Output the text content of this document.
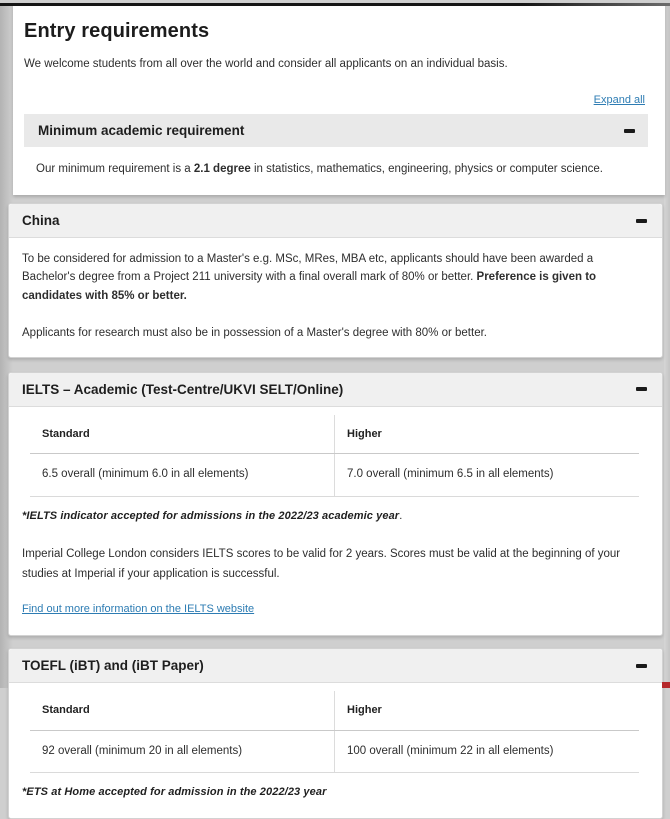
Entry requirements

We welcome students from all over the world and consider all applicants on an individual basis.

Expand all
Minimum academic requirement

Our minimum requirement is a 2.1 degree in statistics, mathematics, engineering, physics or computer science.

China

To be considered for admission to a Master's e.g. MSc, MRes, MBA etc, applicants should have been awarded a Bachelor's degree from a Project 211 university with a final overall mark of 80% or better. Preference is given to candidates with 85% or better.

Applicants for research must also be in possession of a Master's degree with 80% or better.

IELTS – Academic (Test-Centre/UKVI SELT/Online)
Standard	Higher
6.5 overall (minimum 6.0 in all elements)	7.0 overall (minimum 6.5 in all elements)

*IELTS indicator accepted for admissions in the 2022/23 academic year.

Imperial College London considers IELTS scores to be valid for 2 years. Scores must be valid at the beginning of your studies at Imperial if your application is successful.

Find out more information on the IELTS website
TOEFL (iBT) and (iBT Paper)
Standard	Higher
92 overall (minimum 20 in all elements)	100 overall (minimum 22 in all elements)

*ETS at Home accepted for admission in the 2022/23 year
